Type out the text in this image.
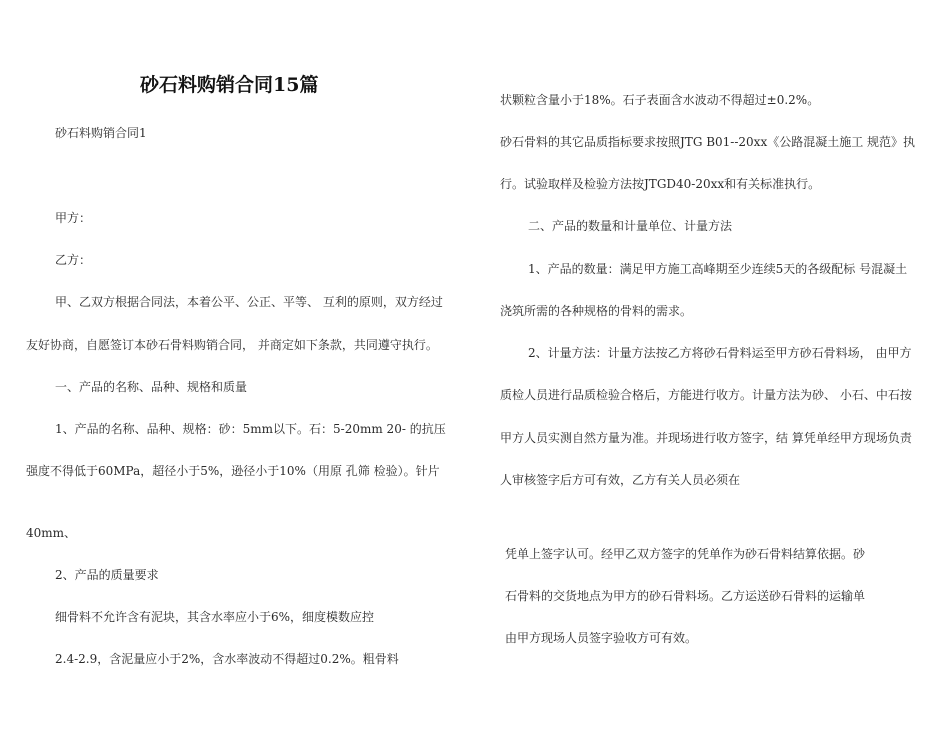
砂石料购销合同15篇
砂石料购销合同1
甲方：
乙方：
甲、乙双方根据合同法，本着公平、公正、平等、 互利的原则，双方经过
友好协商，自愿签订本砂石骨料购销合同， 并商定如下条款，共同遵守执行。
一、产品的名称、品种、规格和质量
1、产品的名称、品种、规格：砂：5mm以下。石：5-20mm 20- 的抗压
强度不得低于60MPa，超径小于5%，逊径小于10%（用原 孔筛 检验）。针片
40mm、
2、产品的质量要求
细骨料不允许含有泥块，其含水率应小于6%，细度模数应控
2.4-2.9，含泥量应小于2%，含水率波动不得超过0.2%。粗骨料
状颗粒含量小于18%。石子表面含水波动不得超过±0.2%。
砂石骨料的其它品质指标要求按照JTG B01--20xx《公路混凝土施工 规范》执
行。试验取样及检验方法按JTGD40-20xx和有关标准执行。
二、产品的数量和计量单位、计量方法
1、产品的数量：满足甲方施工高峰期至少连续5天的各级配标 号混凝土
浇筑所需的各种规格的骨料的需求。
2、计量方法：计量方法按乙方将砂石骨料运至甲方砂石骨料场， 由甲方
质检人员进行品质检验合格后，方能进行收方。计量方法为砂、 小石、中石按
甲方人员实测自然方量为准。并现场进行收方签字，结 算凭单经甲方现场负责
人审核签字后方可有效，乙方有关人员必须在
凭单上签字认可。经甲乙双方签字的凭单作为砂石骨料结算依据。砂
石骨料的交货地点为甲方的砂石骨料场。乙方运送砂石骨料的运输单
由甲方现场人员签字验收方可有效。
